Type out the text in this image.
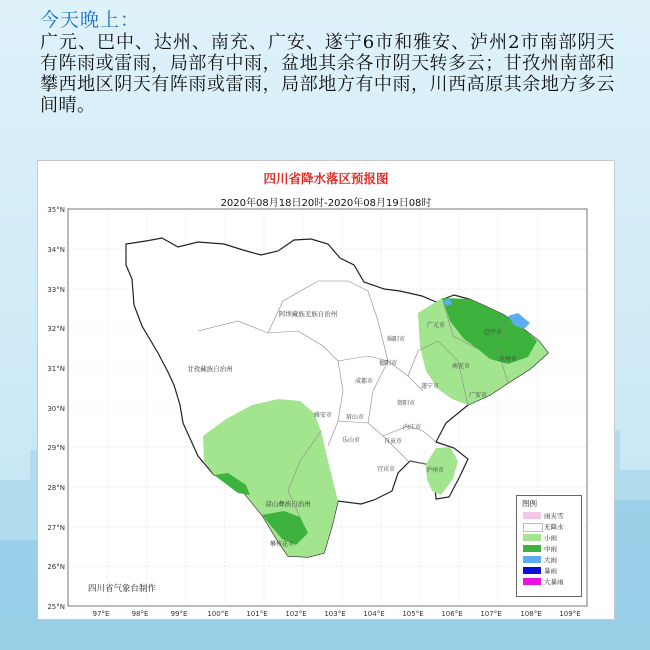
今天晚上：
广元、巴中、达州、南充、广安、遂宁6市和雅安、泸州2市南部阴天有阵雨或雷雨，局部有中雨，盆地其余各市阴天转多云；甘孜州南部和攀西地区阴天有阵雨或雷雨，局部地方有中雨，川西高原其余地方多云间晴。
35°N
34°N
33°N
32°N
31°N
30°N
29°N
28°N
27°N
26°N
25°N
97°E	98°E	99°E	100°E	101°E	102°E	103°E	104°E	105°E	106°E	107°E	108°E	109°E
阿坝藏族羌族自治州
甘孜藏族自治州
凉山彝族自治州
广元市
巴中市
达州市
绵阳市
德阳市	南充市
成都市
遂宁市
广安市
雅安市 眉山市
资阳市
乐山市
内江市
自贡市
宜宾市	泸州市
攀枝花市
四川省降水落区预报图
2020年08月18日20时-2020年08月19日08时
四川省气象台制作
图例
雨夹雪
无降水
小雨
中雨
大雨
暴雨
大暴雨
